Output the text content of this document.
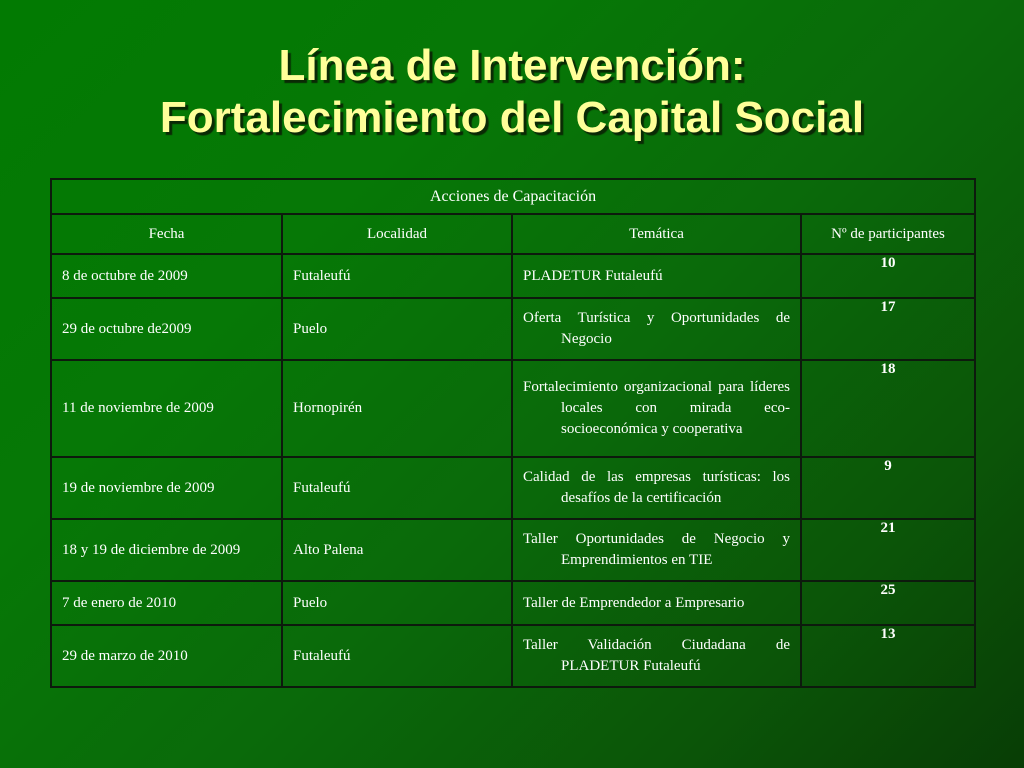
Línea de Intervención:
Fortalecimiento del Capital Social
Acciones de Capacitación			
Fecha	Localidad	Temática	Nº de participantes
8 de octubre de 2009	Futaleufú	PLADETUR Futaleufú	10
29 de octubre de2009	Puelo	Oferta Turística y Oportunidades de Negocio	17
11 de noviembre de 2009	Hornopirén	Fortalecimiento organizacional para líderes locales con mirada eco-socioeconómica y cooperativa	18
19 de noviembre de 2009	Futaleufú	Calidad de las empresas turísticas: los desafíos de la certificación	9
18 y 19 de diciembre de 2009	Alto Palena	Taller Oportunidades de Negocio y Emprendimientos en TIE	21
7 de enero de 2010	Puelo	Taller de Emprendedor a Empresario	25
29 de marzo de 2010	Futaleufú	Taller Validación Ciudadana de PLADETUR Futaleufú	13
